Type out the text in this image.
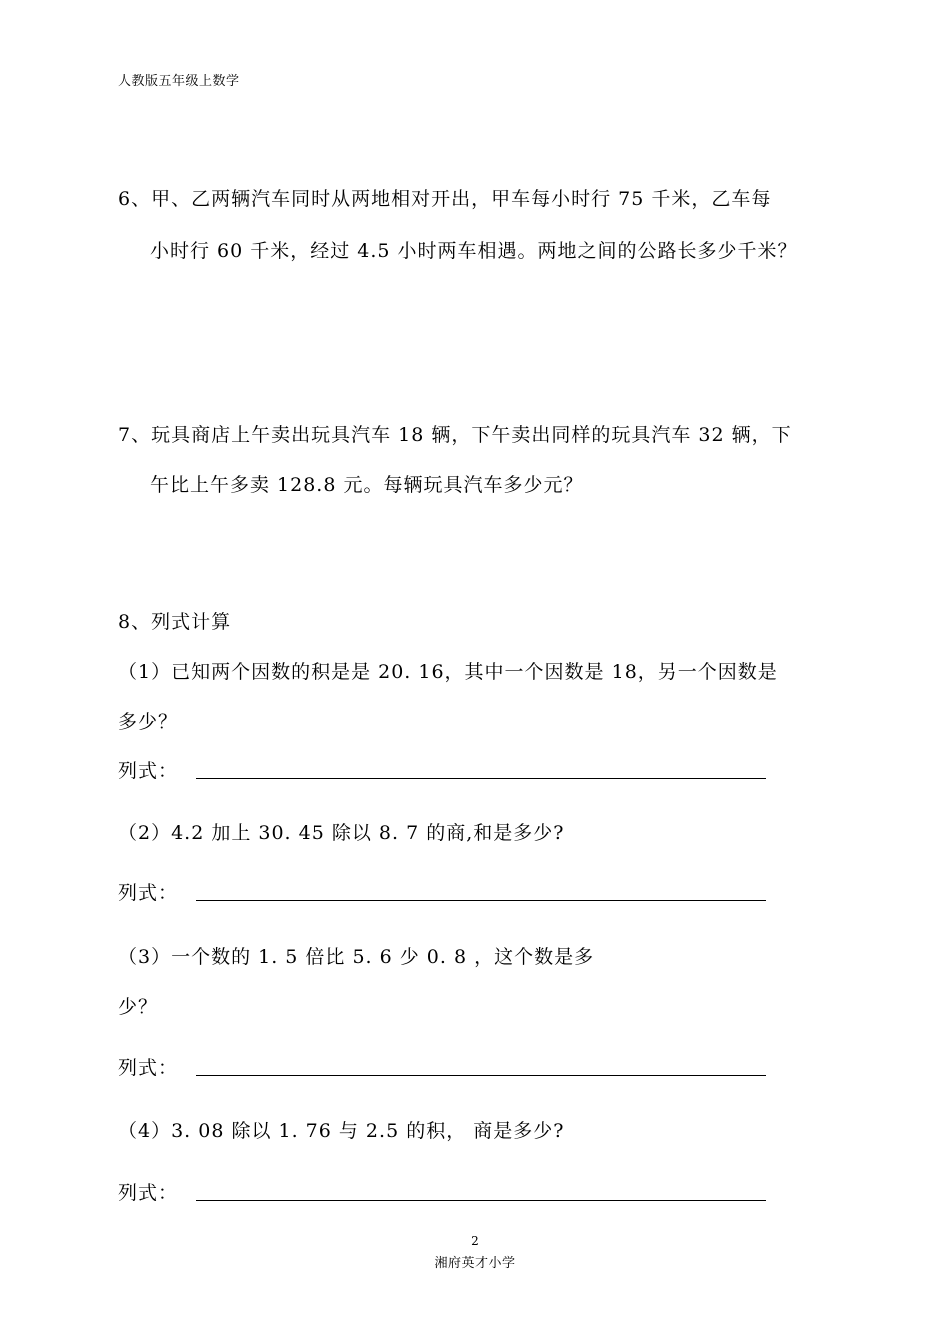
人教版五年级上数学
6、甲、乙两辆汽车同时从两地相对开出，甲车每小时行 75 千米，乙车每
小时行 60 千米，经过 4.5 小时两车相遇。两地之间的公路长多少千米？
7、玩具商店上午卖出玩具汽车 18 辆，下午卖出同样的玩具汽车 32 辆，下
午比上午多卖 128.8 元。每辆玩具汽车多少元？
8、列式计算
（1）已知两个因数的积是是 20. 16，其中一个因数是 18，另一个因数是
多少？
列式：
（2）4.2 加上 30. 45 除以 8. 7 的商,和是多少?
列式：
（3）一个数的 1. 5 倍比 5. 6 少 0. 8 ，这个数是多
少？
列式：
（4）3. 08 除以 1. 76 与 2.5 的积， 商是多少?
列式：
2
湘府英才小学
